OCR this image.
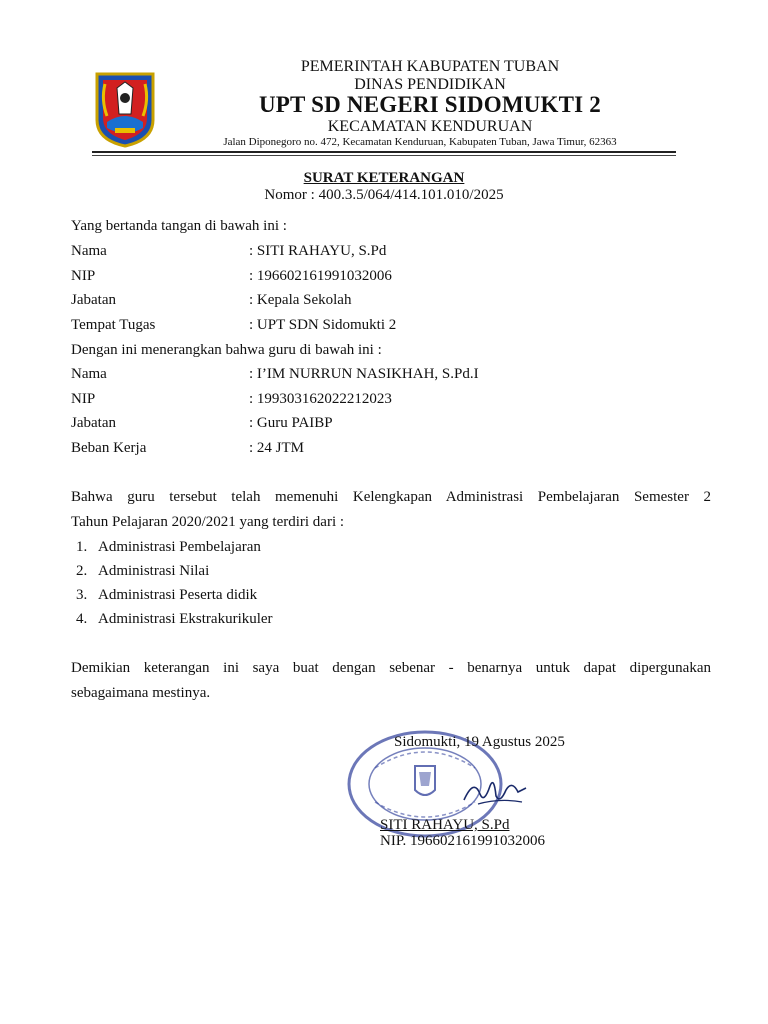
PEMERINTAH KABUPATEN TUBAN
DINAS PENDIDIKAN
UPT SD NEGERI SIDOMUKTI 2
KECAMATAN KENDURUAN
Jalan Diponegoro no. 472, Kecamatan Kenduruan, Kabupaten Tuban, Jawa Timur, 62363
SURAT KETERANGAN
Nomor : 400.3.5/064/414.101.010/2025
Yang bertanda tangan di bawah ini :
Nama	: SITI RAHAYU, S.Pd
NIP	: 196602161991032006
Jabatan	: Kepala Sekolah
Tempat Tugas	: UPT SDN Sidomukti 2
Dengan ini menerangkan bahwa guru di bawah ini :
Nama	: I’IM NURRUN NASIKHAH, S.Pd.I
NIP	: 199303162022212023
Jabatan	: Guru PAIBP
Beban Kerja	: 24 JTM
Bahwa guru tersebut telah memenuhi Kelengkapan Administrasi Pembelajaran Semester 2
Tahun Pelajaran 2020/2021 yang terdiri dari :
1. Administrasi Pembelajaran
2. Administrasi Nilai
3. Administrasi Peserta didik
4. Administrasi Ekstrakurikuler
Demikian keterangan ini saya buat dengan sebenar - benarnya untuk dapat dipergunakan
sebagaimana mestinya.
Sidomukti, 19 Agustus 2025
SITI RAHAYU, S.Pd
NIP. 196602161991032006
